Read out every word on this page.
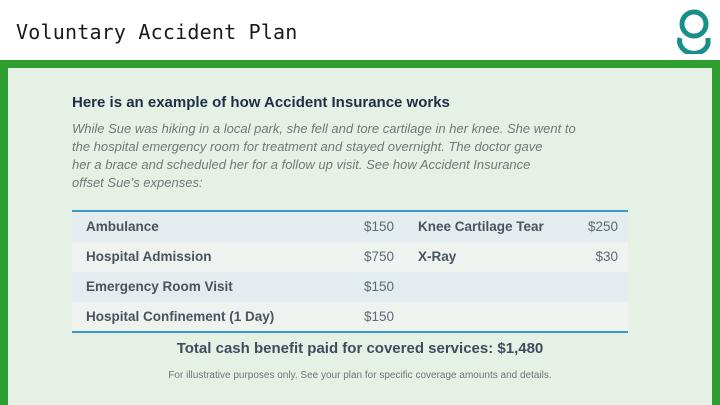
Voluntary Accident Plan
Here is an example of how Accident Insurance works
While Sue was hiking in a local park, she fell and tore cartilage in her knee. She went to
the hospital emergency room for treatment and stayed overnight. The doctor gave
her a brace and scheduled her for a follow up visit. See how Accident Insurance
offset Sue’s expenses:
Ambulance	$150 Knee Cartilage Tear	$250
Hospital Admission	$750 X-Ray	$30
Emergency Room Visit	$150
Hospital Confinement (1 Day)	$150
Total cash benefit paid for covered services: $1,480
For illustrative purposes only. See your plan for specific coverage amounts and details.
